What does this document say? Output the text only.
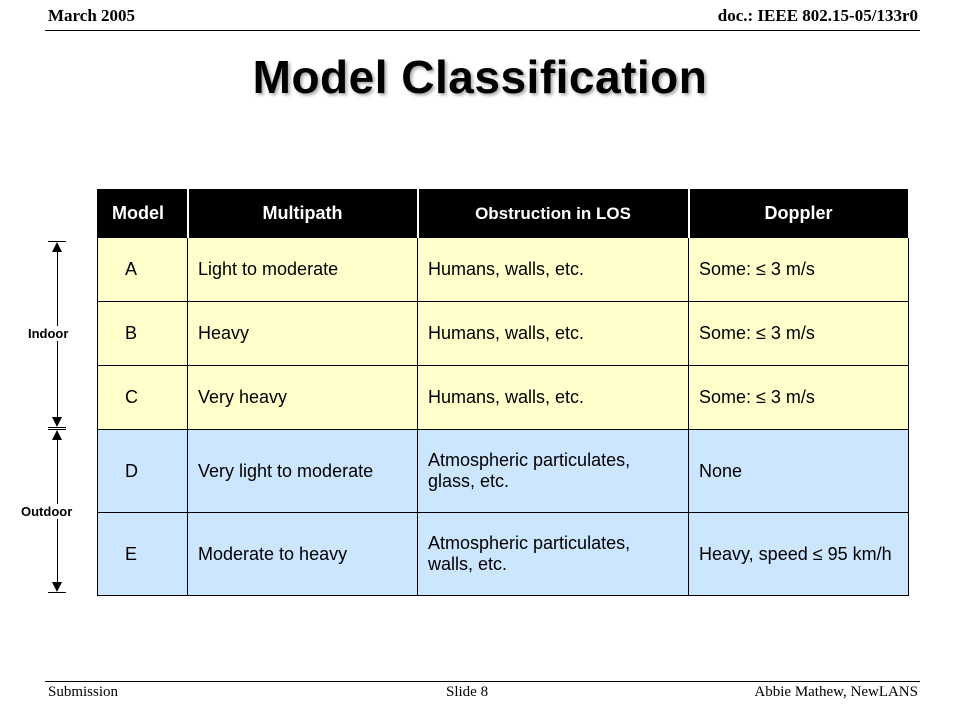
March 2005	doc.: IEEE 802.15-05/133r0
Model Classification
Indoor
Outdoor
Model	Multipath	Obstruction in LOS	Doppler
A	Light to moderate	Humans, walls, etc.	Some: ≤ 3 m/s
B	Heavy	Humans, walls, etc.	Some: ≤ 3 m/s
C	Very heavy	Humans, walls, etc.	Some: ≤ 3 m/s
D	Very light to moderate	Atmospheric particulates, glass, etc.	None
E	Moderate to heavy	Atmospheric particulates, walls, etc.	Heavy, speed ≤ 95 km/h
Submission	Slide 8	Abbie Mathew, NewLANS
